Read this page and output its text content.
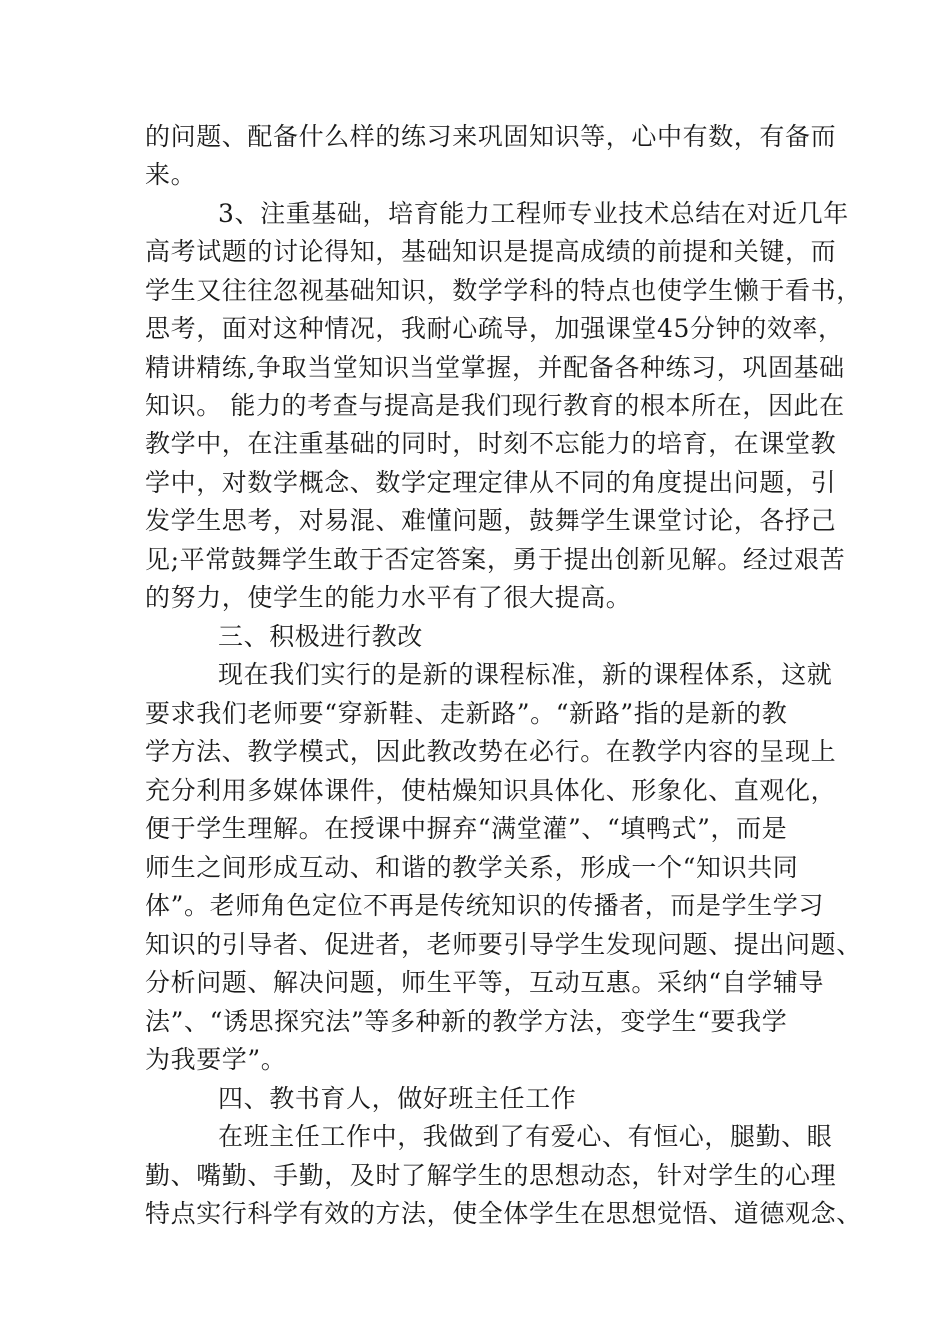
的问题、配备什么样的练习来巩固知识等，心中有数，有备而
来。
3、注重基础，培育能力工程师专业技术总结在对近几年
高考试题的讨论得知，基础知识是提高成绩的前提和关键，而
学生又往往忽视基础知识，数学学科的特点也使学生懒于看书，
思考，面对这种情况，我耐心疏导，加强课堂45分钟的效率，
精讲精练,争取当堂知识当堂掌握，并配备各种练习，巩固基础
知识。 能力的考查与提高是我们现行教育的根本所在，因此在
教学中，在注重基础的同时，时刻不忘能力的培育，在课堂教
学中，对数学概念、数学定理定律从不同的角度提出问题，引
发学生思考，对易混、难懂问题，鼓舞学生课堂讨论，各抒己
见;平常鼓舞学生敢于否定答案，勇于提出创新见解。经过艰苦
的努力，使学生的能力水平有了很大提高。
三、积极进行教改
现在我们实行的是新的课程标准，新的课程体系，这就
要求我们老师要“穿新鞋、走新路”。“新路”指的是新的教
学方法、教学模式，因此教改势在必行。在教学内容的呈现上
充分利用多媒体课件，使枯燥知识具体化、形象化、直观化，
便于学生理解。在授课中摒弃“满堂灌”、“填鸭式”，而是
师生之间形成互动、和谐的教学关系，形成一个“知识共同
体”。老师角色定位不再是传统知识的传播者，而是学生学习
知识的引导者、促进者，老师要引导学生发现问题、提出问题、
分析问题、解决问题，师生平等，互动互惠。采纳“自学辅导
法”、“诱思探究法”等多种新的教学方法，变学生“要我学
为我要学”。
四、教书育人，做好班主任工作
在班主任工作中，我做到了有爱心、有恒心，腿勤、眼
勤、嘴勤、手勤，及时了解学生的思想动态，针对学生的心理
特点实行科学有效的方法，使全体学生在思想觉悟、道德观念、
